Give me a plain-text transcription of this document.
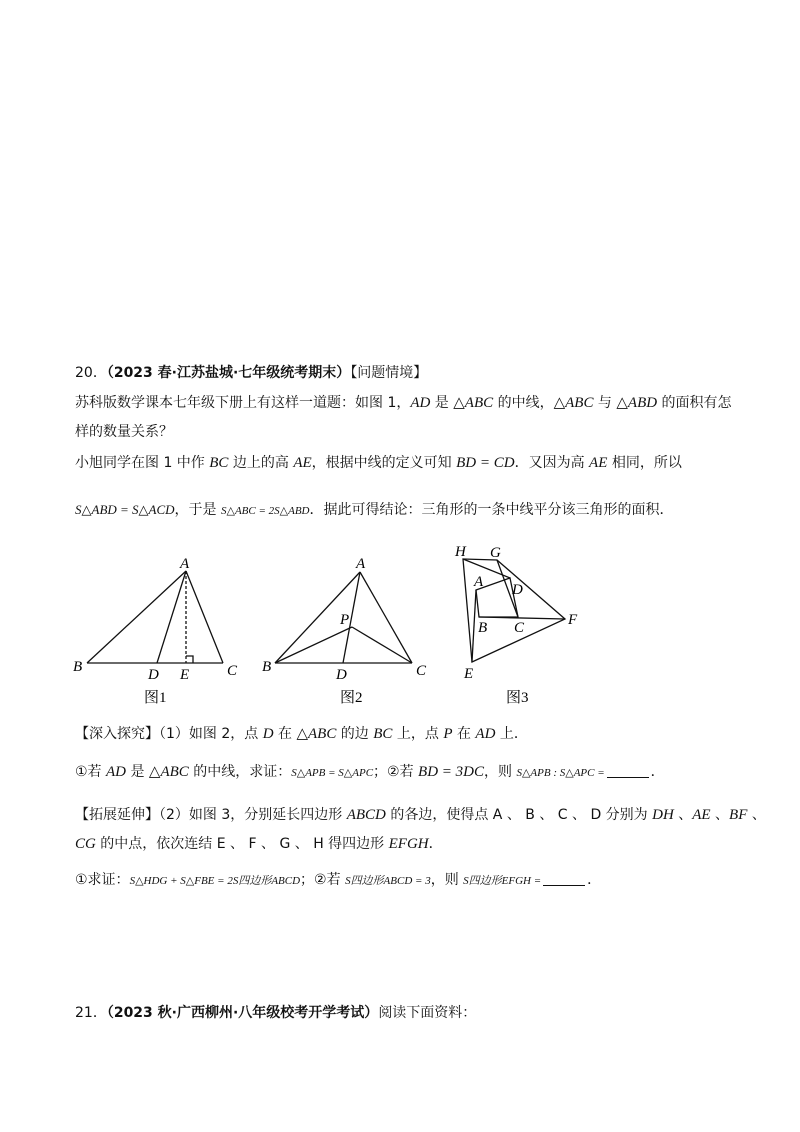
20．（2023 春·江苏盐城·七年级统考期末）【问题情境】
苏科版数学课本七年级下册上有这样一道题：如图 1，AD 是 △ABC 的中线，△ABC 与 △ABD 的面积有怎
样的数量关系？
小旭同学在图 1 中作 BC 边上的高 AE，根据中线的定义可知 BD = CD．又因为高 AE 相同，所以
S△ABD = S△ACD，于是 S△ABC = 2S△ABD．据此可得结论：三角形的一条中线平分该三角形的面积．
A
B	C
D E
图1
A
B	C
D
P
图2
H G
A D
B C	F
E
图3
【深入探究】（1）如图 2，点 D 在 △ABC 的边 BC 上，点 P 在 AD 上．
①若 AD 是 △ABC 的中线，求证：S△APB = S△APC；②若 BD = 3DC，则 S△APB : S△APC =	．
【拓展延伸】（2）如图 3，分别延长四边形 ABCD 的各边，使得点 A 、 B 、 C 、 D 分别为 DH 、AE 、BF 、
CG 的中点，依次连结 E 、 F 、 G 、 H 得四边形 EFGH．
①求证：S△HDG + S△FBE = 2S四边形ABCD；②若 S四边形ABCD = 3，则 S四边形EFGH =	．
21．（2023 秋·广西柳州·八年级校考开学考试）阅读下面资料：
